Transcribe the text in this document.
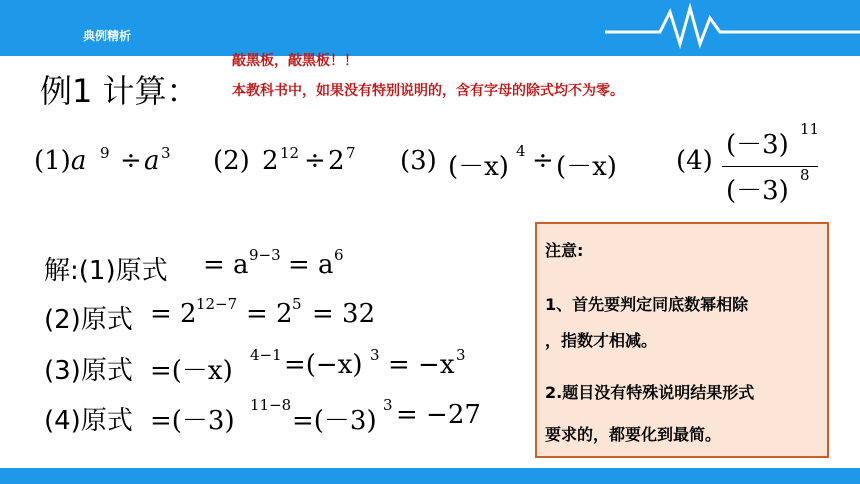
典例精析
敲黑板，敲黑板！！
本教科书中，如果没有特别说明的，含有字母的除式均不为零。
例1 计算：
(1)a 9 ÷ a 3 (2) 2 12 ÷ 2 7 (3) (－x)
4 ÷ (－x) (4)
(－3)
11
(－3)
8
解:(1)原式 = a 9−3 = a 6
(2)原式 = 2 12−7 = 2 5 = 32
(3)原式 =(－x)
4−1 =(−x) 3 = −x 3
(4)原式 =(－3)
11−8
=(－3)
3 = −27
注意:
1、首先要判定同底数幂相除
，指数才相减。
2.题目没有特殊说明结果形式
要求的，都要化到最简。
